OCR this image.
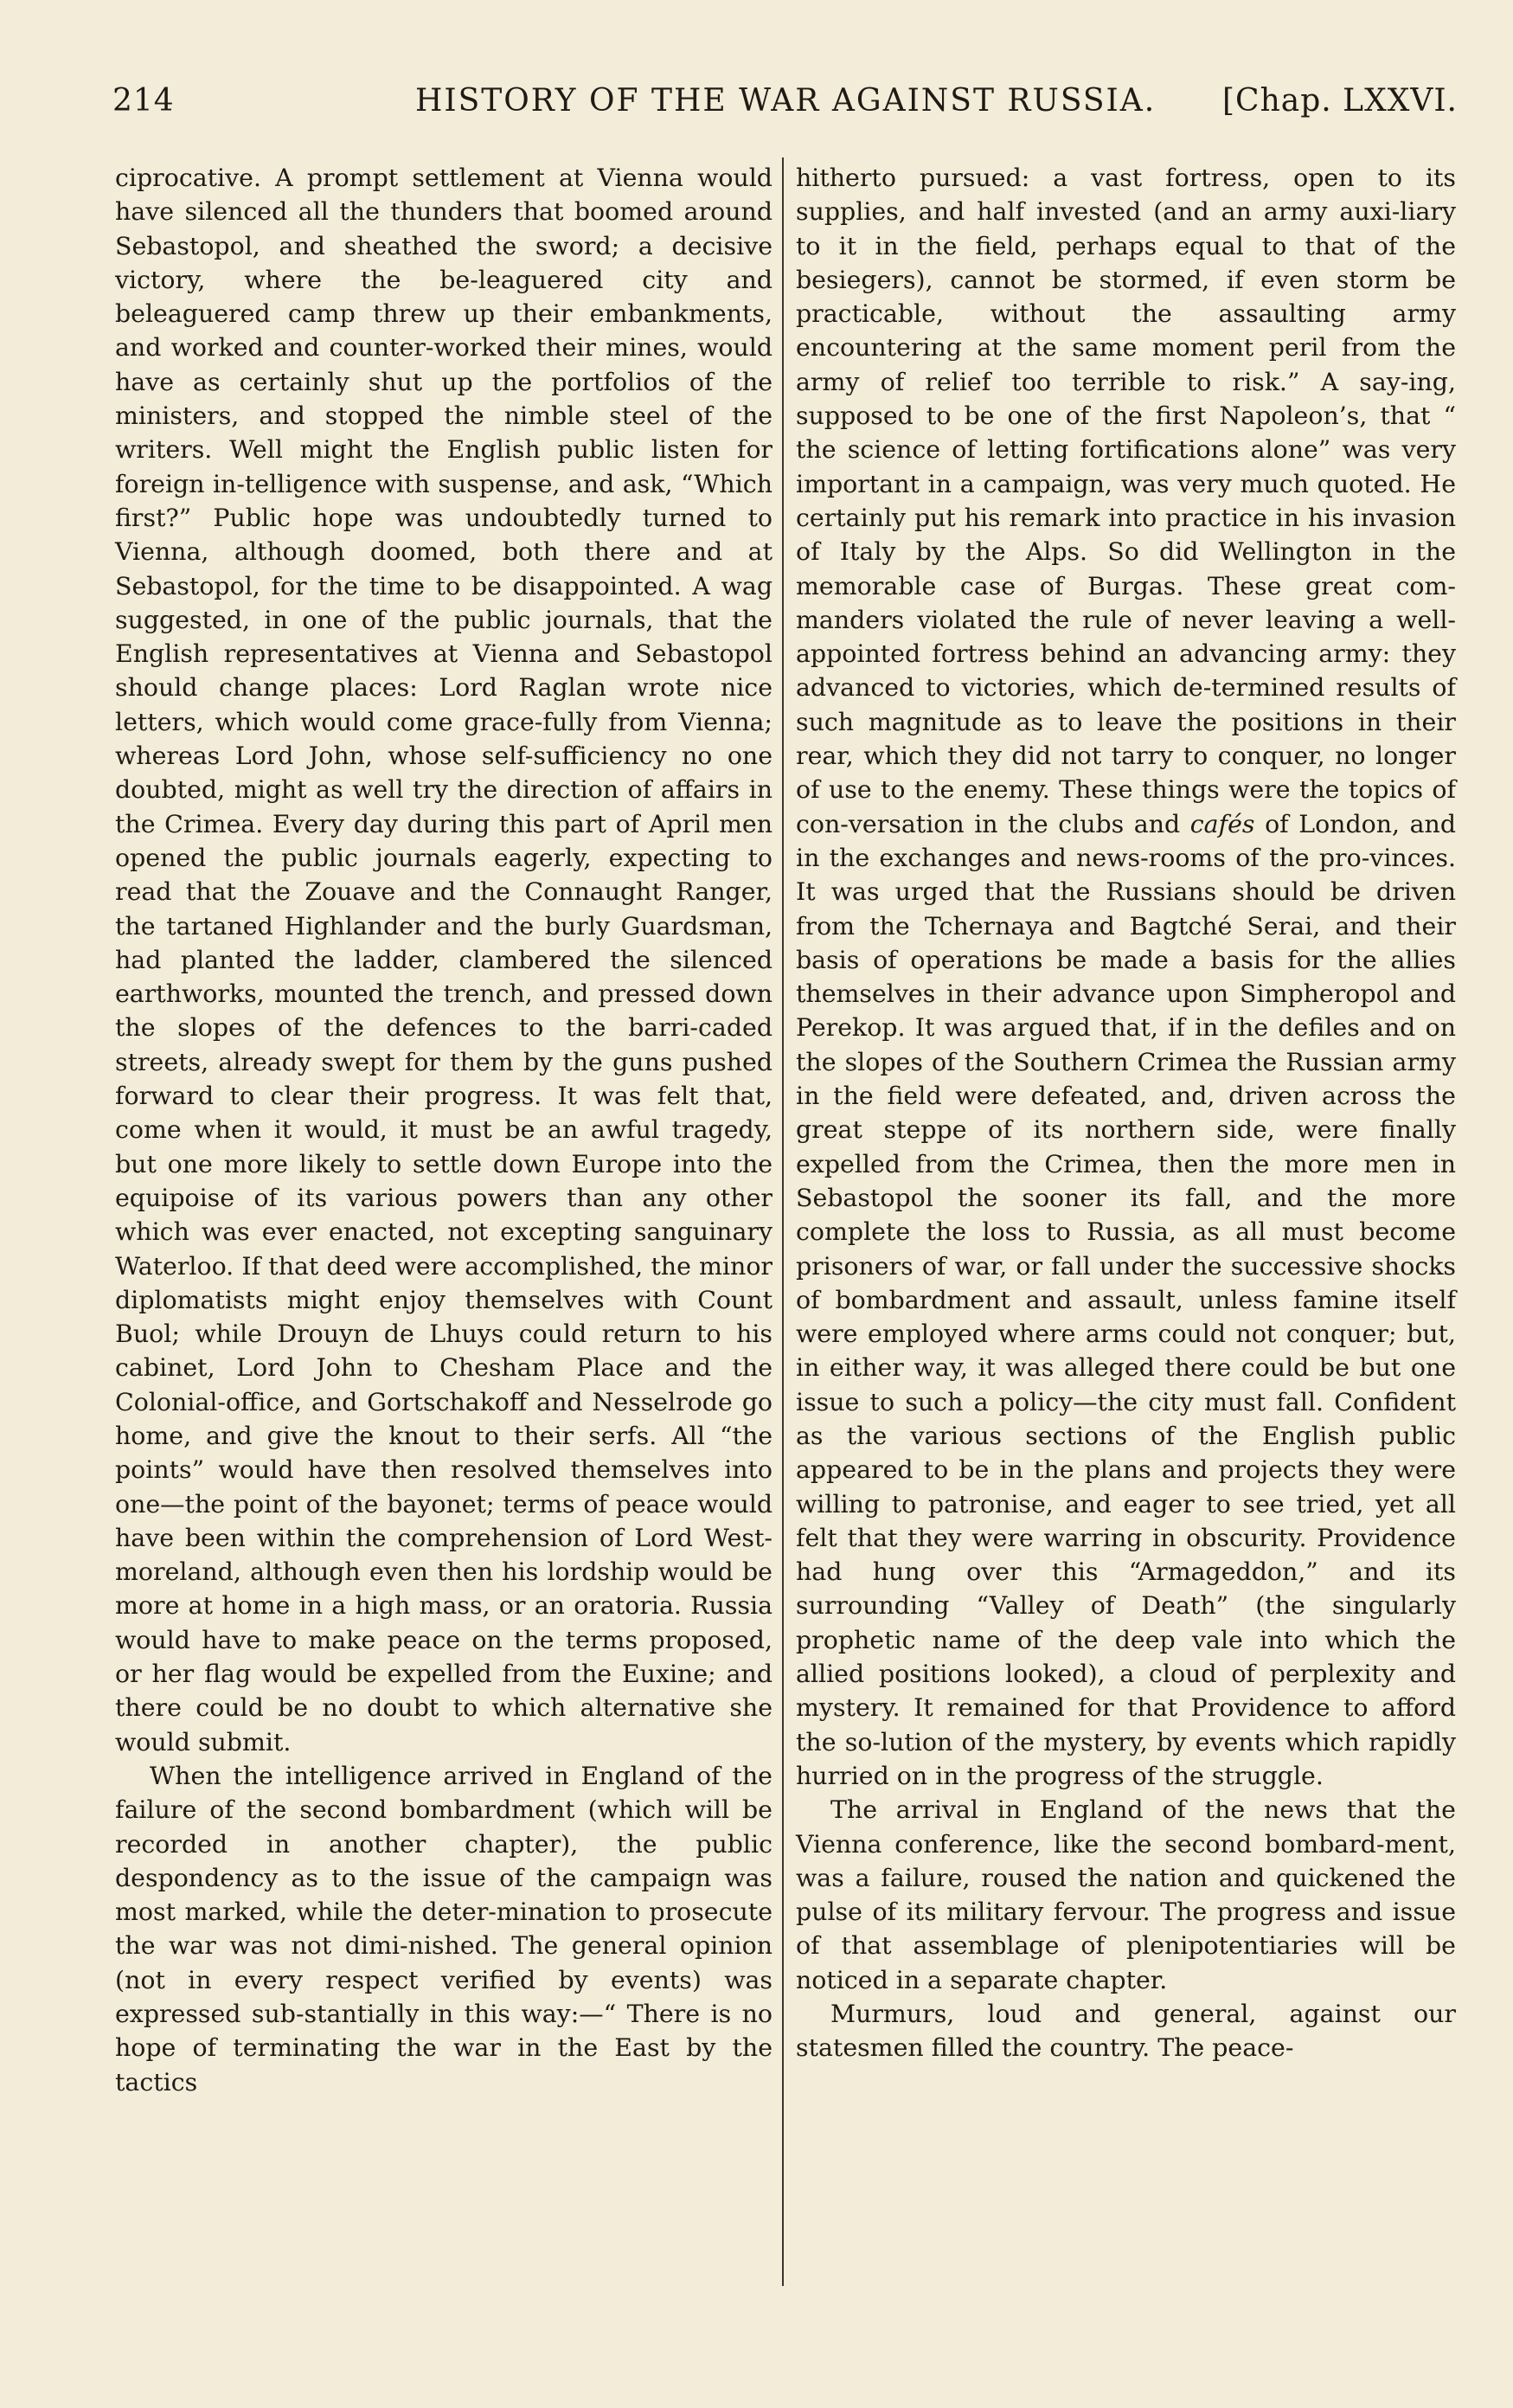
214	HISTORY OF THE WAR AGAINST RUSSIA. [Chap. LXXVI.

ciprocative. A prompt settlement at Vienna would have silenced all the thunders that boomed around Sebastopol, and sheathed the sword; a decisive victory, where the be-leaguered city and beleaguered camp threw up their embankments, and worked and counter-worked their mines, would have as certainly shut up the portfolios of the ministers, and stopped the nimble steel of the writers. Well might the English public listen for foreign in-telligence with suspense, and ask, “Which first?” Public hope was undoubtedly turned to Vienna, although doomed, both there and at Sebastopol, for the time to be disappointed. A wag suggested, in one of the public journals, that the English representatives at Vienna and Sebastopol should change places: Lord Raglan wrote nice letters, which would come grace-fully from Vienna; whereas Lord John, whose self-sufficiency no one doubted, might as well try the direction of affairs in the Crimea. Every day during this part of April men opened the public journals eagerly, expecting to read that the Zouave and the Connaught Ranger, the tartaned Highlander and the burly Guardsman, had planted the ladder, clambered the silenced earthworks, mounted the trench, and pressed down the slopes of the defences to the barri-caded streets, already swept for them by the guns pushed forward to clear their progress. It was felt that, come when it would, it must be an awful tragedy, but one more likely to settle down Europe into the equipoise of its various powers than any other which was ever enacted, not excepting sanguinary Waterloo. If that deed were accomplished, the minor diplomatists might enjoy themselves with Count Buol; while Drouyn de Lhuys could return to his cabinet, Lord John to Chesham Place and the Colonial-office, and Gortschakoff and Nesselrode go home, and give the knout to their serfs. All “the points” would have then resolved themselves into one—the point of the bayonet; terms of peace would have been within the comprehension of Lord West-moreland, although even then his lordship would be more at home in a high mass, or an oratoria. Russia would have to make peace on the terms proposed, or her flag would be expelled from the Euxine; and there could be no doubt to which alternative she would submit.

When the intelligence arrived in England of the failure of the second bombardment (which will be recorded in another chapter), the public despondency as to the issue of the campaign was most marked, while the deter-mination to prosecute the war was not dimi-nished. The general opinion (not in every respect verified by events) was expressed sub-stantially in this way:—“ There is no hope of terminating the war in the East by the tactics

hitherto pursued: a vast fortress, open to its supplies, and half invested (and an army auxi-liary to it in the field, perhaps equal to that of the besiegers), cannot be stormed, if even storm be practicable, without the assaulting army encountering at the same moment peril from the army of relief too terrible to risk.” A say-ing, supposed to be one of the first Napoleon’s, that “ the science of letting fortifications alone” was very important in a campaign, was very much quoted. He certainly put his remark into practice in his invasion of Italy by the Alps. So did Wellington in the memorable case of Burgas. These great com-manders violated the rule of never leaving a well-appointed fortress behind an advancing army: they advanced to victories, which de-termined results of such magnitude as to leave the positions in their rear, which they did not tarry to conquer, no longer of use to the enemy. These things were the topics of con-versation in the clubs and cafés of London, and in the exchanges and news-rooms of the pro-vinces. It was urged that the Russians should be driven from the Tchernaya and Bagtché Serai, and their basis of operations be made a basis for the allies themselves in their advance upon Simpheropol and Perekop. It was argued that, if in the defiles and on the slopes of the Southern Crimea the Russian army in the field were defeated, and, driven across the great steppe of its northern side, were finally expelled from the Crimea, then the more men in Sebastopol the sooner its fall, and the more complete the loss to Russia, as all must become prisoners of war, or fall under the successive shocks of bombardment and assault, unless famine itself were employed where arms could not conquer; but, in either way, it was alleged there could be but one issue to such a policy—the city must fall. Confident as the various sections of the English public appeared to be in the plans and projects they were willing to patronise, and eager to see tried, yet all felt that they were warring in obscurity. Providence had hung over this “Armageddon,” and its surrounding “Valley of Death” (the singularly prophetic name of the deep vale into which the allied positions looked), a cloud of perplexity and mystery. It remained for that Providence to afford the so-lution of the mystery, by events which rapidly hurried on in the progress of the struggle.

The arrival in England of the news that the Vienna conference, like the second bombard-ment, was a failure, roused the nation and quickened the pulse of its military fervour. The progress and issue of that assemblage of plenipotentiaries will be noticed in a separate chapter.

Murmurs, loud and general, against our statesmen filled the country. The peace-
